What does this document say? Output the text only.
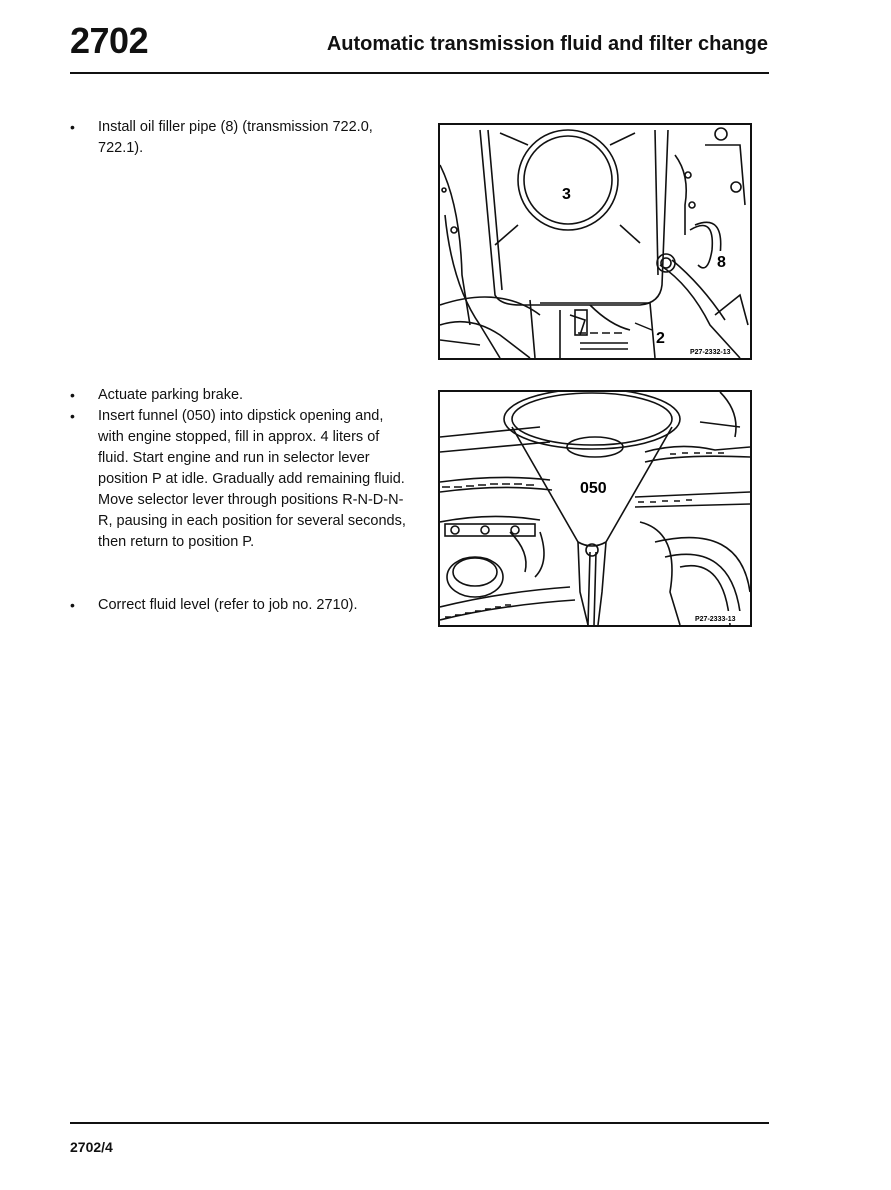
2702	Automatic transmission fluid and filter change
• Install oil filler pipe (8) (transmission 722.0, 722.1).
3
8
2
P27-2332-13
• Actuate parking brake.
• Insert funnel (050) into dipstick opening and, with engine stopped, fill in approx. 4 liters of fluid. Start engine and run in selector lever position P at idle. Gradually add remaining fluid. Move selector lever through positions R-N-D-N-R, pausing in each position for several seconds, then return to position P.
• Correct fluid level (refer to job no. 2710).
050
P27-2333-13
2702/4
